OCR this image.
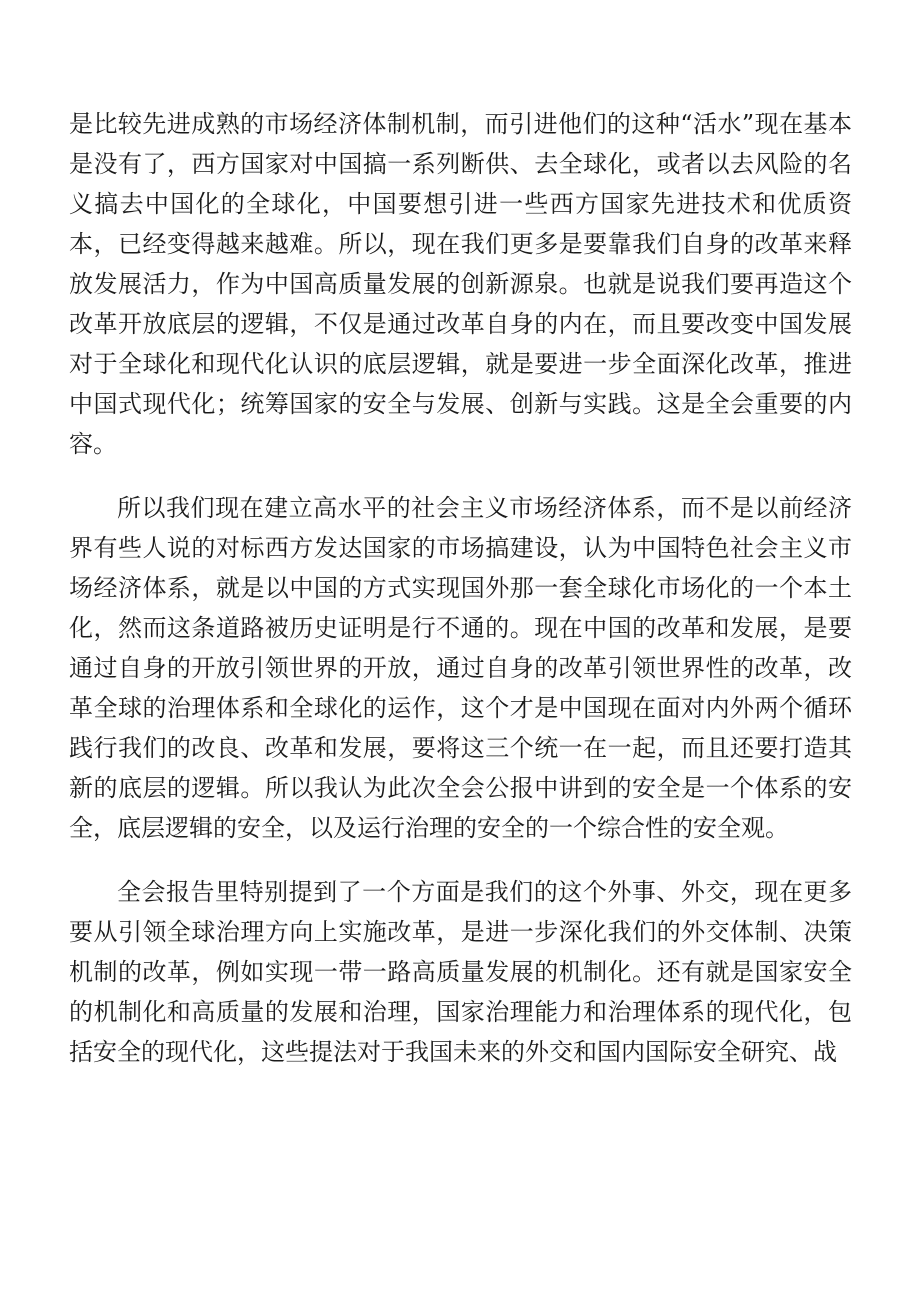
是比较先进成熟的市场经济体制机制，而引进他们的这种“活水”现在基本是没有了，西方国家对中国搞一系列断供、去全球化，或者以去风险的名义搞去中国化的全球化，中国要想引进一些西方国家先进技术和优质资本，已经变得越来越难。所以，现在我们更多是要靠我们自身的改革来释放发展活力，作为中国高质量发展的创新源泉。也就是说我们要再造这个改革开放底层的逻辑，不仅是通过改革自身的内在，而且要改变中国发展对于全球化和现代化认识的底层逻辑，就是要进一步全面深化改革，推进中国式现代化；统筹国家的安全与发展、创新与实践。这是全会重要的内容。

所以我们现在建立高水平的社会主义市场经济体系，而不是以前经济界有些人说的对标西方发达国家的市场搞建设，认为中国特色社会主义市场经济体系，就是以中国的方式实现国外那一套全球化市场化的一个本土化，然而这条道路被历史证明是行不通的。现在中国的改革和发展，是要通过自身的开放引领世界的开放，通过自身的改革引领世界性的改革，改革全球的治理体系和全球化的运作，这个才是中国现在面对内外两个循环践行我们的改良、改革和发展，要将这三个统一在一起，而且还要打造其新的底层的逻辑。所以我认为此次全会公报中讲到的安全是一个体系的安全，底层逻辑的安全，以及运行治理的安全的一个综合性的安全观。

全会报告里特别提到了一个方面是我们的这个外事、外交，现在更多要从引领全球治理方向上实施改革，是进一步深化我们的外交体制、决策机制的改革，例如实现一带一路高质量发展的机制化。还有就是国家安全的机制化和高质量的发展和治理，国家治理能力和治理体系的现代化，包括安全的现代化，这些提法对于我国未来的外交和国内国际安全研究、战
